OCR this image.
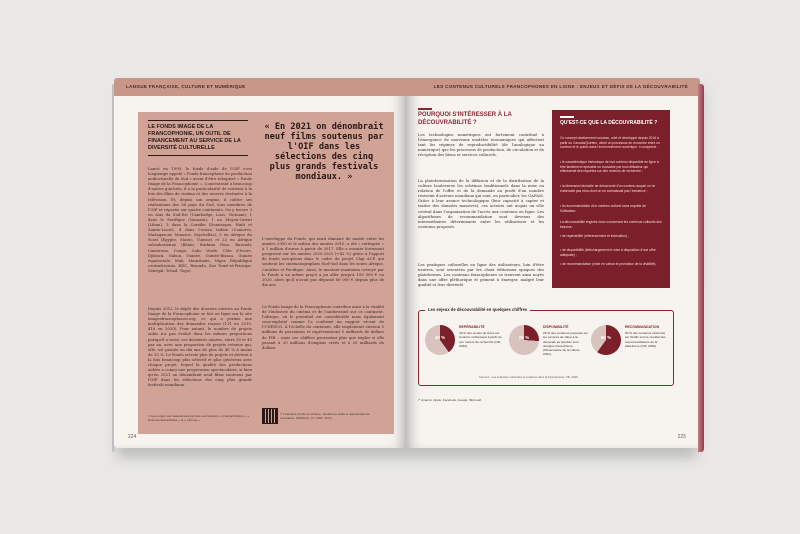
LANGUE FRANÇAISE, CULTURE ET NUMÉRIQUE
LE FONDS IMAGE DE LA FRANCOPHONIE, UN OUTIL DE FINANCEMENT AU SERVICE DE LA DIVERSITÉ CULTURELLE
« En 2021 on dénombrait neuf films soutenus par l'OIF dans les sélections des cinq plus grands festivals mondiaux. »
Lancé en 1990, le fonds d'aide de l'OIF s'est longtemps appelé « Fonds francophone de production audiovisuelle du Sud » avant d'être rebaptisé « Fonds Image de la Francophonie ». Concentrant à beaucoup d'autres guichets, il a la particularité de soutenir à la fois des films de cinéma et des œuvres destinées à la télévision. Et, depuis son origine, il cultive ses réalisations des 38 pays du Sud, tous membres de l'OIF et répartis sur quatre continents. On y trouve 3 en Asie du Sud-Est (Cambodge, Laos, Vietnam), 1 dans le Pacifique (Vanuatu), 1 au Moyen-Orient (Liban), 3 dans la Caraïbe (Dominique, Haïti et Sainte-Lucie), 4 dans l'océan Indien (Comores, Madagascar, Maurice, Seychelles), 5 en Afrique du Nord (Égypte, Maroc, Tunisie) et 22 en Afrique subsaharienne (Bénin, Burkina Faso, Burundi, Cameroun, Congo, Cabo Verde, Côte d'Ivoire, Djibouti, Gabon, Guinée, Guinée-Bissau, Guinée équatoriale, Mali, Mauritanie, Niger, République centrafricaine, RDC, Rwanda, Sao Tomé-et-Principe, Sénégal, Tchad, Togo).
Depuis 2012, le dépôt des dossiers ouverts au Fonds Image de la Francophonie se fait en ligne sur le site imagesfrancophones.org, ce qui a permis une multiplication des demandes reçues (111 en 2019, 418 en 2020). Pour autant, le nombre de projets aidés n'a pas évolué dans les mêmes proportions puisqu'il a varié, ces dernières années, entre 30 et 40 par an, avec une proportion de projets retenus qui, elle, est passée en dix ans de plus de 40 % à moins de 15 %. Le Fonds octroie plus de projets et devient à la fois beaucoup plus sélectif et plus généreux avec chaque projet, lequel la qualité des productions aidées a connu une progression spectaculaire, si bien qu'en 2021 on dénombrait neuf films soutenus par l'OIF dans les sélections des cinq plus grands festivals mondiaux.
L'enveloppe du Fonds, qui avait diminué de moitié entre les années 2000 et le milieu des années 2010, a été « rattrapée » à 1 million d'euros à partir de 2017. Elle a ensuite fortement progressé sur les années 2020-2021 (+42 %) grâce à l'apport de fonds européens dans le cadre du projet Clap ACP, qui soutient les cinématographies Sud-Sud dans les zones Afrique, Caraïbes et Pacifique. Ainsi, le montant maximum octroyé par le Fonds à un même projet a pu aller jusqu'à 100 000 € en 2020, alors qu'il n'avait pas dépassé 80 000 € depuis plus de dix ans.
Le Fonds Image de la Francophonie contribue ainsi à la vitalité de l'industrie du cinéma et de l'audiovisuel sur ce continent, l'Afrique, où le potentiel est considérable mais également sous-exploité comme l'a confirmé un rapport récent de l'UNESCO. À l'échelle du continent, elle emploierait environ 5 millions de personnes et représenterait 5 milliards de dollars de PIB – mais ces chiffres pourraient plus que tripler si elle passait à 20 millions d'emplois créés et à 20 milliards de dollars.
¹² Les projets sont sélectionnés par des commissions « Cinéma/Fictions », « Documentaires/Séries » et « Cinéma ».
¹³ L'industrie du film en Afrique : tendances, défis et opportunités de croissance, UNESCO, oct. 2021, 260 p.
224
LES CONTENUS CULTURELS FRANCOPHONES EN LIGNE : ENJEUX ET DÉFIS DE LA DÉCOUVRABILITÉ
POURQUOI S'INTÉRESSER À LA DÉCOUVRABILITÉ ?
Les technologies numériques ont fortement contribué à l'émergence de nouveaux modèles économiques qui affectent tant les régimes de reproductibilité (de l'analogique au numérique) que les processus de production, de circulation et de réception des biens et services culturels.
La plateformisation de la diffusion et de la distribution de la culture bouleverse les schémas traditionnels dans la mise en relation de l'offre et de la demande au profit d'un nombre restreint d'acteurs mondiaux qui sont, en particulier, les GAFAM. Grâce à leur avance technologique (leur capacité à capter et traiter des données massives), ces acteurs ont acquis un rôle central dans l'organisation de l'accès aux contenus en ligne. Les algorithmes de recommandation sont devenus des intermédiaires déterminants entre les utilisateurs et les contenus proposés.
Les pratiques culturelles en ligne des utilisateurs, loin d'être neutres, sont orientées par les choix éditoriaux opaques des plateformes. Les contenus francophones se trouvent ainsi noyés dans une offre pléthorique et peinent à émerger, malgré leur qualité et leur diversité.
QU'EST-CE QUE LA DÉCOUVRABILITÉ ?
Ce concept relativement nouveau, créé et développé depuis 2016 à partir du Canada/Québec, décrit un processus de rencontre entre un contenu et le public dans l'environnement numérique. Il comprend :
• le caractéristique intrinsèque de tout contenu disponible en ligne à être facilement repérable ou trouvable par tout utilisateur qui effectuerait des requêtes sur des moteurs de recherche ;
• la dimension factuelle de découverte d'un contenu auquel on ne s'attendait pas et/ou dont on ne connaissait pas l'existence ;
• la recommandation d'un contenu culturel sans requête de l'utilisateur.
La découvrabilité englobe donc concernant les contenus culturels des besoins :
• de repérabilité (référencement et indexation) ;
• de disponibilité (téléchargement et mise à disposition d'une offre adéquate) ;
• de recommandation (mise en valeur et promotion de la visibilité).
Les enjeux de découvrabilité en quelques chiffres
40 %
REPÉRABILITÉ
40 % des ventes de livres sur Amazon s'effectuent à partir de son moteur de recherche (OIF, 2020).
26 %
DISPONIBILITÉ
26 % des contenus proposés sur les services de vidéo à la demande au Québec sont d'origine francophone (Observatoire de la culture, 2021).
60 %
RECOMMANDATION
60 % des contenus visionnés sur Netflix sont le résultat des recommandations de la plateforme (OIF, 2020).
Sources : Les industries culturelles et créatives dans la francophonie, OIF, 2020.
¹⁴ Amazon, Apple, Facebook, Google, Microsoft.
225
